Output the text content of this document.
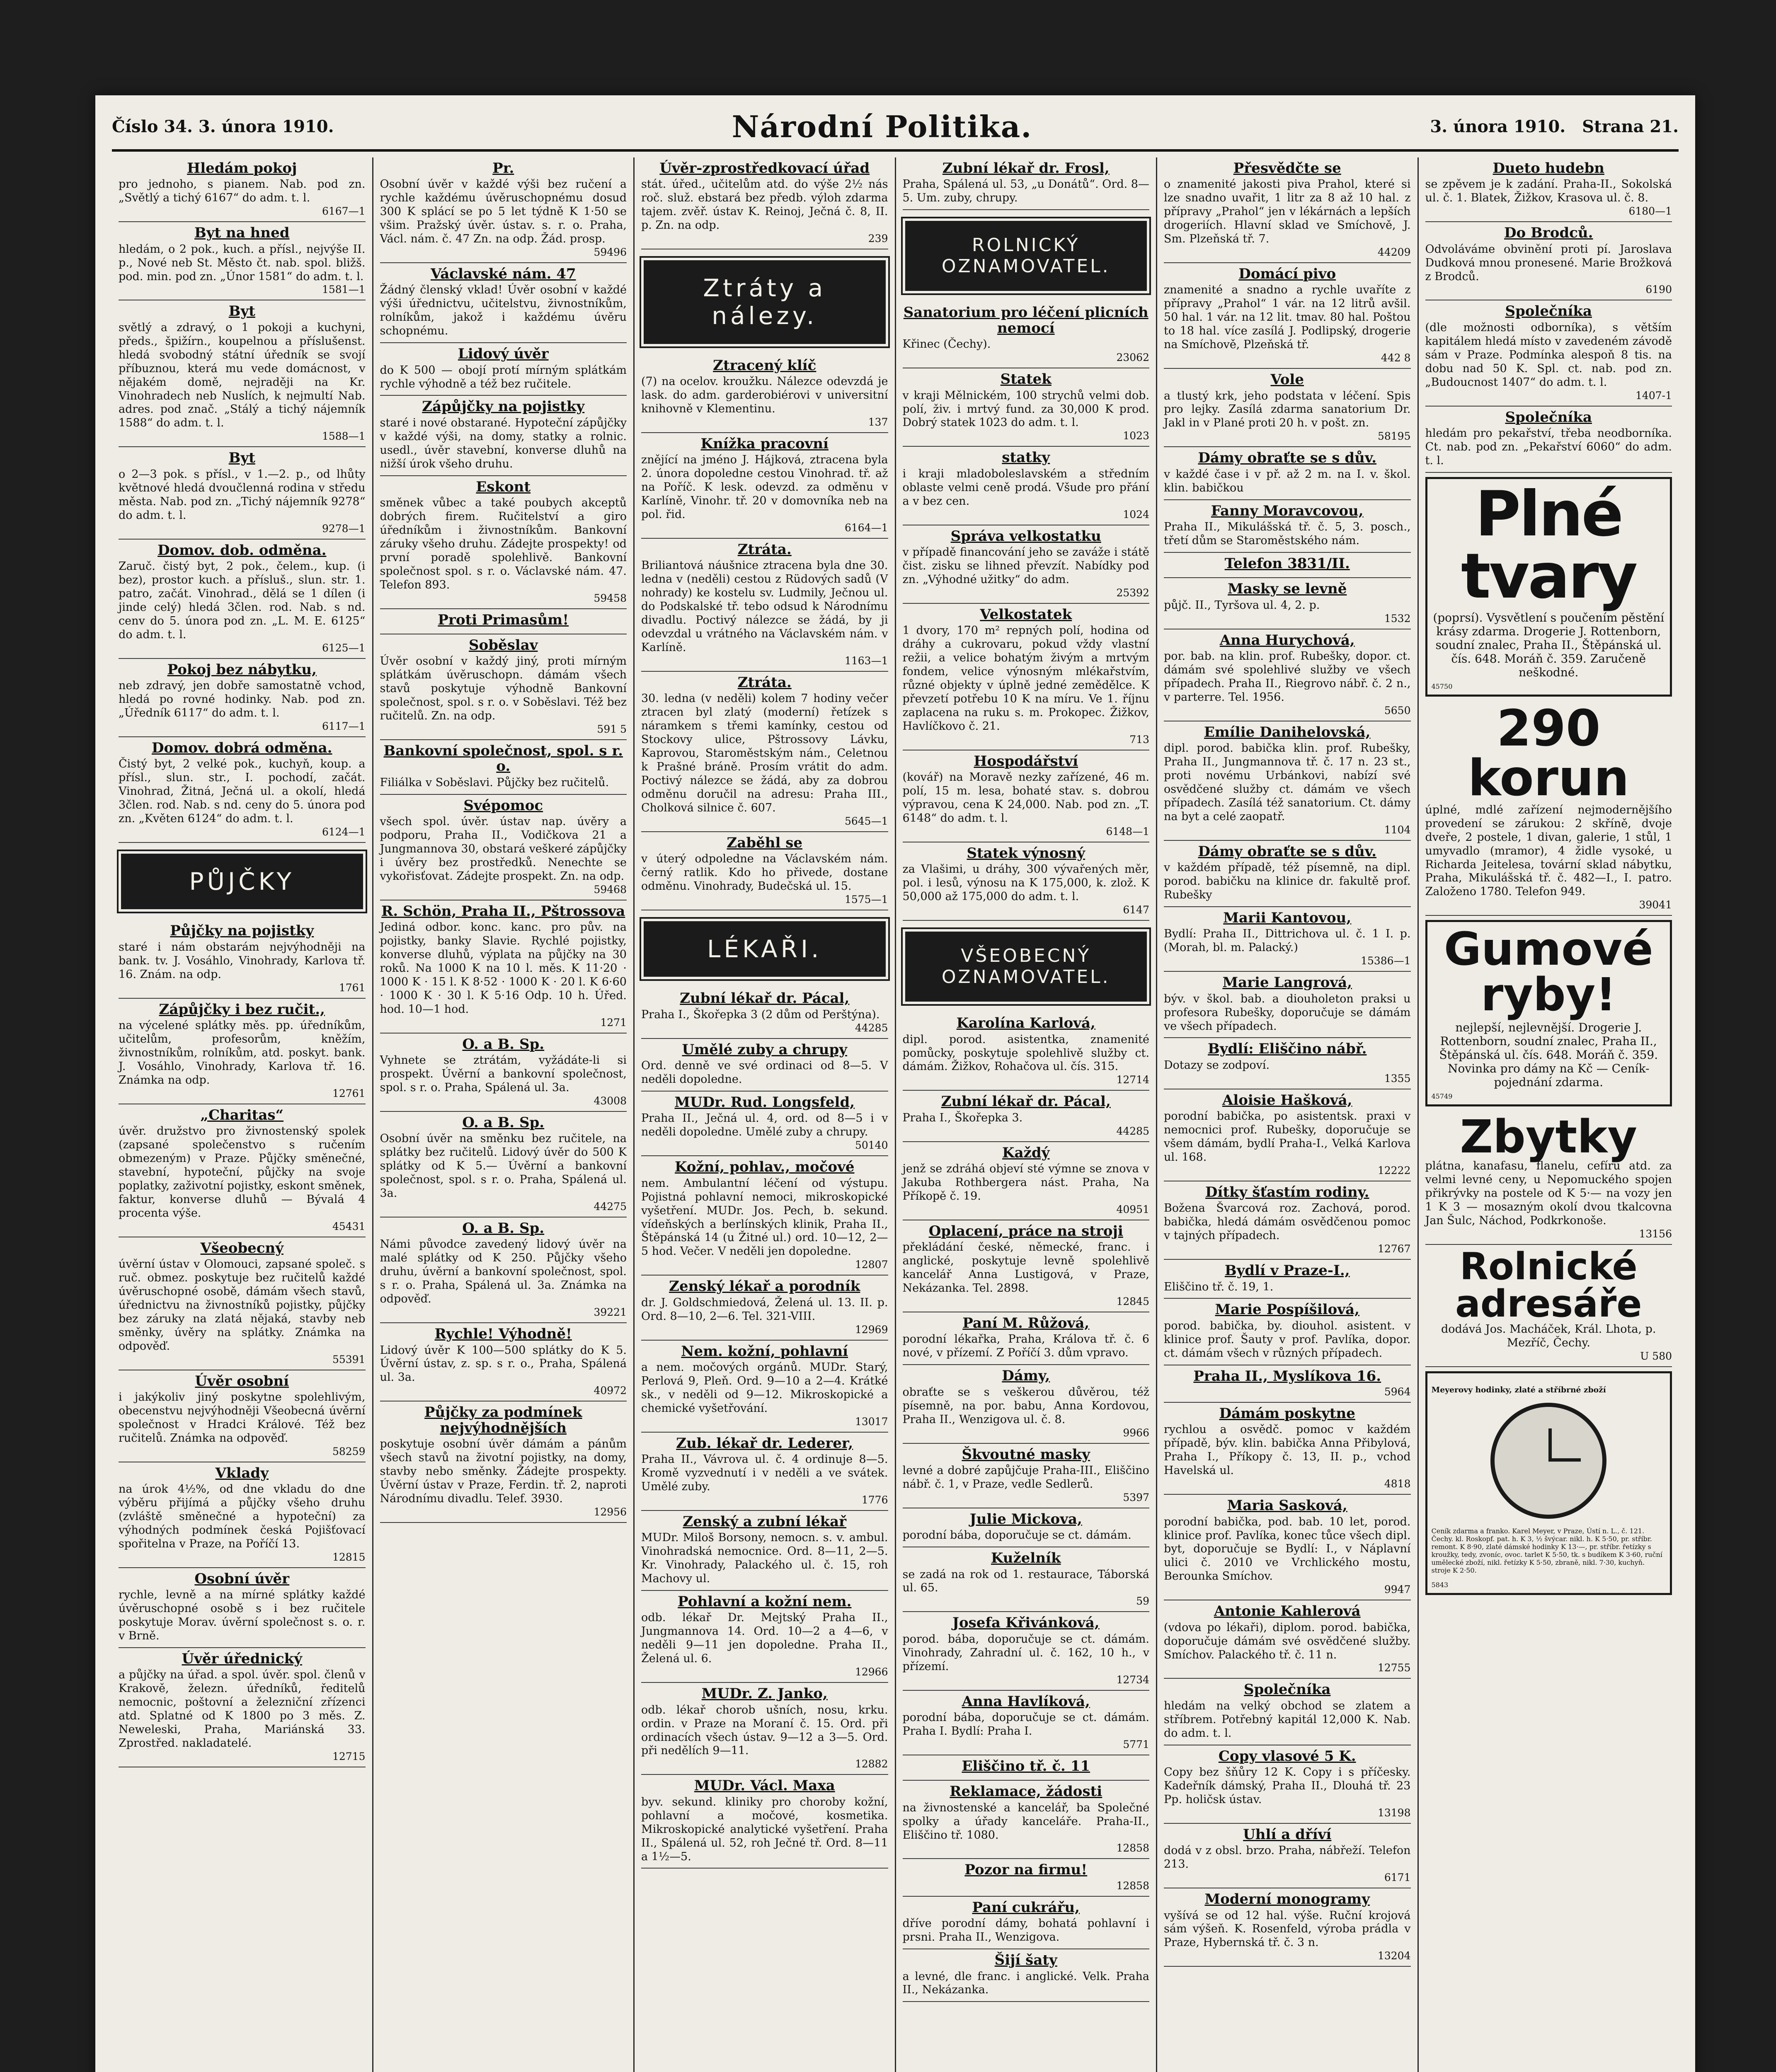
Číslo 34. 3. února 1910.	Národní Politika.	3. února 1910. Strana 21.
Hledám pokoj

pro jednoho, s pianem. Nab. pod zn. „Světlý a tichý 6167“ do adm. t. l.

6167—1
Byt na hned

hledám, o 2 pok., kuch. a přísl., nejvýše II. p., Nové neb St. Město čt. nab. spol. bližš. pod. min. pod zn. „Únor 1581“ do adm. t. l.

1581—1
Byt

světlý a zdravý, o 1 pokoji a kuchyni, předs., špižírn., koupelnou a příslušenst. hledá svobodný státní úředník se svojí příbuznou, která mu vede domácnost, v nějakém domě, nejraději na Kr. Vinohradech neb Nuslích, k nejmultí Nab. adres. pod znač. „Stálý a tichý nájemník 1588“ do adm. t. l.

1588—1
Byt

o 2—3 pok. s přísl., v 1.—2. p., od lhůty květnové hledá dvoučlenná rodina v středu města. Nab. pod zn. „Tichý nájemník 9278“ do adm. t. l.

9278—1
Domov. dob. odměna.

Zaruč. čistý byt, 2 pok., čelem., kup. (i bez), prostor kuch. a přísluš., slun. str. 1. patro, začát. Vinohrad., dělá se 1 dílen (i jinde celý) hledá 3člen. rod. Nab. s nd. cenv do 5. února pod zn. „L. M. E. 6125“ do adm. t. l.

6125—1
Pokoj bez nábytku,

neb zdravý, jen dobře samostatně vchod, hledá po rovné hodinky. Nab. pod zn. „Úředník 6117“ do adm. t. l.

6117—1
Domov. dobrá odměna.

Čistý byt, 2 velké pok., kuchyň, koup. a přísl., slun. str., I. pochodí, začát. Vinohrad, Žitná, Ječná ul. a okolí, hledá 3člen. rod. Nab. s nd. ceny do 5. února pod zn. „Květen 6124“ do adm. t. l.

6124—1
PŮJČKY
Půjčky na pojistky

staré i nám obstarám nejvýhodněji na bank. tv. J. Vosáhlo, Vinohrady, Karlova tř. 16. Znám. na odp.

1761
Zápůjčky i bez ručit.,

na výcelené splátky měs. pp. úředníkům, učitelům, profesorům, kněžím, živnostníkům, rolníkům, atd. poskyt. bank. J. Vosáhlo, Vinohrady, Karlova tř. 16. Známka na odp.

12761
„Charitas“

úvěr. družstvo pro živnostenský spolek (zapsané společenstvo s ručením obmezeným) v Praze. Půjčky směnečné, stavební, hypoteční, půjčky na svoje poplatky, zaživotní pojistky, eskont směnek, faktur, konverse dluhů — Bývalá 4 procenta výše.

45431
Všeobecný

úvěrní ústav v Olomouci, zapsané společ. s ruč. obmez. poskytuje bez ručitelů každé úvěruschopné osobě, dámám všech stavů, úřednictvu na živnostníků pojistky, půjčky bez záruky na zlatá nějaká, stavby neb směnky, úvěry na splátky. Známka na odpověď.

55391
Úvěr osobní

i jakýkoliv jiný poskytne spolehlivým, obecenstvu nejvýhodněji Všeobecná úvěrní společnost v Hradci Králové. Též bez ručitelů. Známka na odpověď.

58259
Vklady

na úrok 4½%, od dne vkladu do dne výběru přijímá a půjčky všeho druhu (zvláště směnečné a hypoteční) za výhodných podmínek česká Pojišťovací spořitelna v Praze, na Poříčí 13.

12815
Osobní úvěr

rychle, levně a na mírné splátky každé úvěruschopné osobě s i bez ručitele poskytuje Morav. úvěrní společnost s. o. r. v Brně.

Úvěr úřednický

a půjčky na úřad. a spol. úvěr. spol. členů v Krakově, železn. úředníků, ředitelů nemocnic, poštovní a železniční zřízenci atd. Splatné od K 1800 po 3 měs. Z. Neweleski, Praha, Mariánská 33. Zprostřed. nakladatelé.

12715
Pr.

Osobní úvěr v každé výši bez ručení a rychle každému úvěruschopnému dosud 300 K splácí se po 5 let týdně K 1·50 se všim. Pražský úvěr. ústav. s. r. o. Praha, Václ. nám. č. 47 Zn. na odp. Žád. prosp.

59496
Václavské nám. 47

Žádný členský vklad! Úvěr osobní v každé výši úřednictvu, učitelstvu, živnostníkům, rolníkům, jakož i každému úvěru schopnému.

Lidový úvěr

do K 500 — obojí protí mírným splátkám rychle výhodně a též bez ručitele.

Zápůjčky na pojistky

staré i nové obstarané. Hypoteční zápůjčky v každé výši, na domy, statky a rolnic. usedl., úvěr stavební, konverse dluhů na nižší úrok všeho druhu.

Eskont

směnek vůbec a také poubych akceptů dobrých firem. Ručitelství a giro úředníkům i živnostníkům. Bankovní záruky všeho druhu. Zádejte prospekty! od první poradě spolehlivě. Bankovní společnost spol. s r. o. Václavské nám. 47. Telefon 893.

59458
Proti Primasům!
Soběslav

Úvěr osobní v každý jiný, proti mírným splátkám úvěruschopn. dámám všech stavů poskytuje výhodně Bankovní společnost, spol. s r. o. v Soběslavi. Též bez ručitelů. Zn. na odp.

591 5
Bankovní společnost, spol. s r. o.

Filiálka v Soběslavi. Půjčky bez ručitelů.

Svépomoc

všech spol. úvěr. ústav nap. úvěry a podporu, Praha II., Vodičkova 21 a Jungmannova 30, obstará veškeré zápůjčky i úvěry bez prostředků. Nenechte se vykořisťovat. Zádejte prospekt. Zn. na odp.

59468
R. Schön, Praha II., Pštrossova

Jediná odbor. konc. kanc. pro pův. na pojistky, banky Slavie. Rychlé pojistky, konverse dluhů, výplata na půjčky na 30 roků. Na 1000 K na 10 l. měs. K 11·20 · 1000 K · 15 l. K 8·52 · 1000 K · 20 l. K 6·60 · 1000 K · 30 l. K 5·16 Odp. 10 h. Úřed. hod. 10—1 hod.

1271
O. a B. Sp.

Vyhnete se ztrátám, vyžádáte-li si prospekt. Úvěrní a bankovní společnost, spol. s r. o. Praha, Spálená ul. 3a.

43008
O. a B. Sp.

Osobní úvěr na směnku bez ručitele, na splátky bez ručitelů. Lidový úvěr do 500 K splátky od K 5.— Úvěrní a bankovní společnost, spol. s r. o. Praha, Spálená ul. 3a.

44275
O. a B. Sp.

Námi původce zavedený lidový úvěr na malé splátky od K 250. Půjčky všeho druhu, úvěrní a bankovní společnost, spol. s r. o. Praha, Spálená ul. 3a. Známka na odpověď.

39221
Rychle! Výhodně!

Lidový úvěr K 100—500 splátky do K 5. Úvěrní ústav, z. sp. s r. o., Praha, Spálená ul. 3a.

40972
Půjčky za podmínek nejvýhodnějších

poskytuje osobní úvěr dámám a pánům všech stavů na životní pojistky, na domy, stavby nebo směnky. Žádejte prospekty. Úvěrní ústav v Praze, Ferdin. tř. 2, naproti Národnímu divadlu. Telef. 3930.

12956
Úvěr-zprostředkovací úřad

stát. úřed., učitelům atd. do výše 2½ nás roč. služ. ebstará bez předb. výloh zdarma tajem. zvěř. ústav K. Reinoj, Ječná č. 8, II. p. Zn. na odp.

239
Ztráty a nálezy.
Ztracený klíč

(7) na ocelov. kroužku. Nálezce odevzdá je lask. do adm. garderobiérovi v universitní knihovně v Klementinu.

137
Knížka pracovní

znějící na jméno J. Hájková, ztracena byla 2. února dopoledne cestou Vinohrad. tř. až na Poříč. K lesk. odevzd. za odměnu v Karlíně, Vinohr. tř. 20 v domovníka neb na pol. řid.

6164—1
Ztráta.

Briliantová náušnice ztracena byla dne 30. ledna v (neděli) cestou z Rüdových sadů (V nohrady) ke kostelu sv. Ludmily, Ječnou ul. do Podskalské tř. tebo odsud k Národnímu divadlu. Poctivý nálezce se žádá, by ji odevzdal u vrátného na Václavském nám. v Karlíně.

1163—1
Ztráta.

30. ledna (v neděli) kolem 7 hodiny večer ztracen byl zlatý (moderní) řetízek s náramkem s třemi kamínky, cestou od Stockovy ulice, Pštrossovy Lávku, Kaprovou, Staroměstským nám., Celetnou k Prašné bráně. Prosím vrátit do adm. Poctivý nálezce se žádá, aby za dobrou odměnu doručil na adresu: Praha III., Cholková silnice č. 607.

5645—1
Zaběhl se

v úterý odpoledne na Václavském nám. černý ratlik. Kdo ho přivede, dostane odměnu. Vinohrady, Budečská ul. 15.

1575—1
LÉKAŘI.
Zubní lékař dr. Pácal,

Praha I., Škořepka 3 (2 dům od Perštýna).

44285
Umělé zuby a chrupy

Ord. denně ve své ordinaci od 8—5. V neděli dopoledne.

MUDr. Rud. Longsfeld,

Praha II., Ječná ul. 4, ord. od 8—5 i v neděli dopoledne. Umělé zuby a chrupy.

50140
Kožní, pohlav., močové

nem. Ambulantní léčení od výstupu. Pojistná pohlavní nemoci, mikroskopické vyšetření. MUDr. Jos. Pech, b. sekund. vídeňských a berlínských klinik, Praha II., Štěpánská 14 (u Žitné ul.) ord. 10—12, 2—5 hod. Večer. V neděli jen dopoledne.

12807
Zenský lékař a porodník

dr. J. Goldschmiedová, Želená ul. 13. II. p. Ord. 8—10, 2—6. Tel. 321-VIII.

12969
Nem. kožní, pohlavní

a nem. močových orgánů. MUDr. Starý, Perlová 9, Pleň. Ord. 9—10 a 2—4. Krátké sk., v neděli od 9—12. Mikroskopické a chemické vyšetřování.

13017
Zub. lékař dr. Lederer,

Praha II., Vávrova ul. č. 4 ordinuje 8—5. Kromě vyzvednutí i v neděli a ve svátek. Umělé zuby.

1776
Zenský a zubní lékař

MUDr. Miloš Borsony, nemocn. s. v. ambul. Vinohradská nemocnice. Ord. 8—11, 2—5. Kr. Vinohrady, Palackého ul. č. 15, roh Machovy ul.

Pohlavní a kožní nem.

odb. lékař Dr. Mejtský Praha II., Jungmannova 14. Ord. 10—2 a 4—6, v neděli 9—11 jen dopoledne. Praha II., Želená ul. 6.

12966
MUDr. Z. Janko,

odb. lékař chorob ušních, nosu, krku. ordin. v Praze na Moraní č. 15. Ord. při ordinacích všech ústav. 9—12 a 3—5. Ord. při nedělích 9—11.

12882
MUDr. Václ. Maxa

byv. sekund. kliniky pro choroby kožní, pohlavní a močové, kosmetika. Mikroskopické analytické vyšetření. Praha II., Spálená ul. 52, roh Ječné tř. Ord. 8—11 a 1½—5.

Zubní lékař dr. Frosl,

Praha, Spálená ul. 53, „u Donátů“. Ord. 8—5. Um. zuby, chrupy.

ROLNICKÝ OZNAMOVATEL.
Sanatorium pro léčení plicních nemocí

Křinec (Čechy).

23062
Statek

v kraji Mělnickém, 100 strychů velmi dob. polí, živ. i mrtvý fund. za 30,000 K prod. Dobrý statek 1023 do adm. t. l.

1023
statky

i kraji mladoboleslavském a středním oblaste velmi ceně prodá. Všude pro přání a v bez cen.

1024
Správa velkostatku

v případě financování jeho se zaváže i státě čist. zisku se lihned převzít. Nabídky pod zn. „Výhodné užitky“ do adm.

25392
Velkostatek

1 dvory, 170 m² repných polí, hodina od dráhy a cukrovaru, pokud vždy vlastní režii, a velice bohatým živým a mrtvým fondem, velice výnosným mlékařstvím, různé objekty v úplně jedné zemědělce. K převzetí potřebu 10 K na míru. Ve 1. říjnu zaplacena na ruku s. m. Prokopec. Žižkov, Havlíčkovo č. 21.

713
Hospodářství

(kovář) na Moravě nezky zařízené, 46 m. polí, 15 m. lesa, bohaté stav. s. dobrou výpravou, cena K 24,000. Nab. pod zn. „T. 6148“ do adm. t. l.

6148—1
Statek výnosný

za Vlašimi, u dráhy, 300 vývařených měr, pol. i lesů, výnosu na K 175,000, k. zlož. K 50,000 až 175,000 do adm. t. l.

6147
VŠEOBECNÝ OZNAMOVATEL.
Karolína Karlová,

dipl. porod. asistentka, znamenité pomůcky, poskytuje spolehlivě služby ct. dámám. Žižkov, Rohačova ul. čís. 315.

12714
Zubní lékař dr. Pácal,

Praha I., Škořepka 3.

44285
Každý

jenž se zdráhá objeví sté výmne se znova v Jakuba Rothbergera nást. Praha, Na Příkopě č. 19.

40951
Oplacení, práce na stroji

překládání české, německé, franc. i anglické, poskytuje levně spolehlivě kancelář Anna Lustigová, v Praze, Nekázanka. Tel. 2898.

12845
Paní M. Růžová,

porodní lékařka, Praha, Králova tř. č. 6 nové, v přízemí. Z Poříčí 3. dům vpravo.

Dámy,

obraťte se s veškerou důvěrou, též písemně, na por. babu, Anna Kordovou, Praha II., Wenzigova ul. č. 8.

9966
Škvoutné masky

levné a dobré zapůjčuje Praha-III., Eliščino nábř. č. 1, v Praze, vedle Sedlerů.

5397
Julie Mickova,

porodní bába, doporučuje se ct. dámám.

Kuželník

se zadá na rok od 1. restaurace, Táborská ul. 65.

59
Josefa Křivánková,

porod. bába, doporučuje se ct. dámám. Vinohrady, Zahradní ul. č. 162, 10 h., v přízemí.

12734
Anna Havlíková,

porodní bába, doporučuje se ct. dámám. Praha I. Bydlí: Praha I.

5771
Eliščino tř. č. 11
Reklamace, žádosti

na živnostenské a kancelář, ba Společné spolky a úřady kanceláře. Praha-II., Eliščino tř. 1080.

12858
Pozor na firmu!
12858
Paní cukrářu,

dříve porodní dámy, bohatá pohlavní i prsni. Praha II., Wenzigova.

Šijí šaty

a levné, dle franc. i anglické. Velk. Praha II., Nekázanka.

Přesvědčte se

o znamenité jakosti piva Prahol, které si lze snadno uvařit, 1 litr za 8 až 10 hal. z přípravy „Prahol“ jen v lékárnách a lepších drogeriích. Hlavní sklad ve Smíchově, J. Sm. Plzeňská tř. 7.

44209
Domácí pivo

znamenité a snadno a rychle uvaříte z přípravy „Prahol“ 1 vár. na 12 litrů avšil. 50 hal. 1 vár. na 12 lit. tmav. 80 hal. Poštou to 18 hal. více zasílá J. Podlipský, drogerie na Smíchově, Plzeňská tř.

442 8
Vole

a tlustý krk, jeho podstata v léčení. Spis pro lejky. Zasílá zdarma sanatorium Dr. Jakl in v Plané proti 20 h. v pošt. zn.

58195
Dámy obraťte se s dův.

v každé čase i v př. až 2 m. na I. v. škol. klin. babičkou

Fanny Moravcovou,

Praha II., Mikulášská tř. č. 5, 3. posch., třetí dům se Staroměstského nám.

Telefon 3831/II.
Masky se levně

půjč. II., Tyršova ul. 4, 2. p.

1532
Anna Hurychová,

por. bab. na klin. prof. Rubešky, dopor. ct. dámám své spolehlivé služby ve všech případech. Praha II., Riegrovo nábř. č. 2 n., v parterre. Tel. 1956.

5650
Emílie Danihelovská,

dipl. porod. babička klin. prof. Rubešky, Praha II., Jungmannova tř. č. 17 n. 23 st., proti novému Urbánkovi, nabízí své osvědčené služby ct. dámám ve všech případech. Zasílá též sanatorium. Ct. dámy na byt a celé zaopatř.

1104
Dámy obraťte se s dův.

v každém případě, též písemně, na dipl. porod. babičku na klinice dr. fakultě prof. Rubešky

Marii Kantovou,

Bydlí: Praha II., Dittrichova ul. č. 1 I. p. (Morah, bl. m. Palacký.)

15386—1
Marie Langrová,

býv. v škol. bab. a diouholeton praksi u profesora Rubešky, doporučuje se dámám ve všech případech.

Bydlí: Eliščino nábř.

Dotazy se zodpoví.

1355
Aloisie Hašková,

porodní babička, po asistentsk. praxi v nemocnici prof. Rubešky, doporučuje se všem dámám, bydlí Praha-I., Velká Karlova ul. 168.

12222
Dítky šťastím rodiny.

Božena Švarcová roz. Zachová, porod. babička, hledá dámám osvědčenou pomoc v tajných případech.

12767
Bydlí v Praze-I.,

Eliščino tř. č. 19, 1.

Marie Pospíšilová,

porod. babička, by. diouhol. asistent. v klinice prof. Šauty v prof. Pavlíka, dopor. ct. dámám všech v různých případech.

Praha II., Myslíkova 16.
5964
Dámám poskytne

rychlou a osvědč. pomoc v každém případě, býv. klin. babička Anna Přibylová, Praha I., Příkopy č. 13, II. p., vchod Havelská ul.

4818
Maria Sasková,

porodní babička, pod. bab. 10 let, porod. klinice prof. Pavlíka, konec tůce všech dipl. byt, doporučuje se Bydlí: I., v Náplavní ulici č. 2010 ve Vrchlického mostu, Berounka Smíchov.

9947
Antonie Kahlerová

(vdova po lékaři), diplom. porod. babička, doporučuje dámám své osvědčené služby. Smíchov. Palackého tř. č. 11 n.

12755
Společníka

hledám na velký obchod se zlatem a stříbrem. Potřebný kapitál 12,000 K. Nab. do adm. t. l.

Copy vlasové 5 K.

Copy bez šňůry 12 K. Copy i s příčesky. Kadeřník dámský, Praha II., Dlouhá tř. 23 Pp. holičsk ústav.

13198
Uhlí a dříví

dodá v z obsl. brzo. Praha, nábřeží. Telefon 213.

6171
Moderní monogramy

vyšívá se od 12 hal. výše. Ruční krojová sám výšeň. K. Rosenfeld, výroba prádla v Praze, Hybernská tř. č. 3 n.

13204
Dueto hudebn

se zpěvem je k zadání. Praha-II., Sokolská ul. č. 1. Blatek, Žižkov, Krasova ul. č. 8.

6180—1
Do Brodců.

Odvoláváme obvinění proti pí. Jaroslava Dudková mnou pronesené. Marie Brožková z Brodců.

6190
Společníka

(dle možnosti odborníka), s větším kapitálem hledá místo v zavedeném závodě sám v Praze. Podmínka alespoň 8 tis. na dobu nad 50 K. Spl. ct. nab. pod zn. „Budoucnost 1407“ do adm. t. l.

1407-1
Společníka

hledám pro pekařství, třeba neodborníka. Ct. nab. pod zn. „Pekařství 6060“ do adm. t. l.

Plné tvary

(poprsí). Vysvětlení s poučením pěstění krásy zdarma. Drogerie J. Rottenborn, soudní znalec, Praha II., Štěpánská ul. čís. 648. Moráň č. 359. Zaručeně neškodné.

45750
290 korun

úplné, mdlé zařízení nejmodernějšího provedení se zárukou: 2 skříně, dvoje dveře, 2 postele, 1 divan, galerie, 1 stůl, 1 umyvadlo (mramor), 4 židle vysoké, u Richarda Jeitelesa, tovární sklad nábytku, Praha, Mikulášská tř. č. 482—I., I. patro. Založeno 1780. Telefon 949.

39041
Gumové ryby!

nejlepší, nejlevnější. Drogerie J. Rottenborn, soudní znalec, Praha II., Štěpánská ul. čís. 648. Moráň č. 359. Novinka pro dámy na Kč — Ceník-pojednání zdarma.

45749
Zbytky

plátna, kanafasu, flanelu, cefíru atd. za velmi levné ceny, u Nepomuckého spojen přikrývky na postele od K 5·— na vozy jen 1 K 3 — mosazným okolí dvou tkalcovna Jan Šulc, Náchod, Podkrkonoše.

13156
Rolnické adresáře

dodává Jos. Macháček, Král. Lhota, p. Mezříč, Čechy.

U 580
Meyerovy hodinky, zlaté a stříbrné zboží

Ceník zdarma a franko. Karel Meyer, v Praze, Ústí n. L., č. 121. Čechy. kl. Roskopf. pat. h. K 3, ½ švýcar. nikl. h. K 5·50, pr. stříbr. remont. K 8·90, zlaté dámské hodinky K 13·—, pr. stříbr. řetízky s kroužky, tedy, zvoníc, ovoc. tarlet K 5·50, tk. s budíkem K 3·60, ruční umělecké zboží, nikl. řetízky K 5·50, zbraně, nikl. 7·30, kuchyň. stroje K 2·50.

5843
